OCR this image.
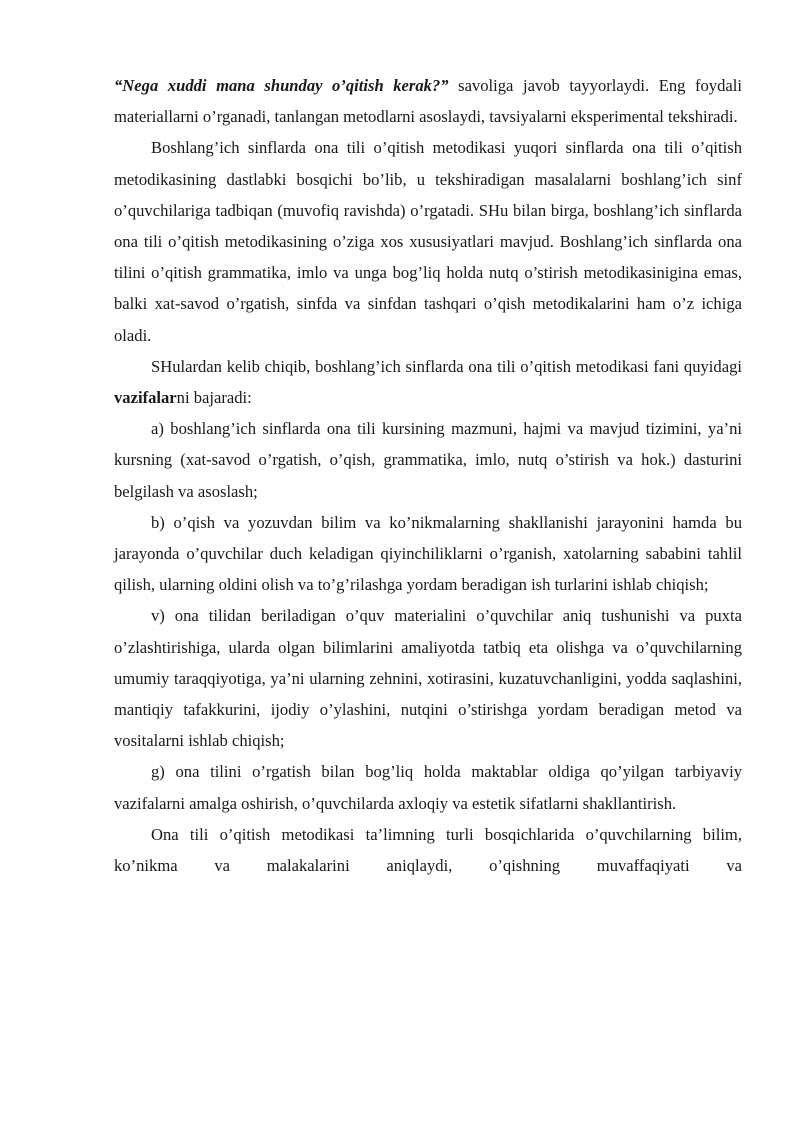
“Nega xuddi mana shunday o’qitish kerak?” savoliga javob tayyorlaydi. Eng foydali materiallarni o’rganadi, tanlangan metodlarni asoslaydi, tavsiyalarni eksperimental tekshiradi.

Boshlang’ich sinflarda ona tili o’qitish metodikasi yuqori sinflarda ona tili o’qitish metodikasining dastlabki bosqichi bo’lib, u tekshiradigan masalalarni boshlang’ich sinf o’quvchilariga tadbiqan (muvofiq ravishda) o’rgatadi. SHu bilan birga, boshlang’ich sinflarda ona tili o’qitish metodikasining o’ziga xos xususiyatlari mavjud. Boshlang’ich sinflarda ona tilini o’qitish grammatika, imlo va unga bog’liq holda nutq o’stirish metodikasinigina emas, balki xat-savod o’rgatish, sinfda va sinfdan tashqari o’qish metodikalarini ham o’z ichiga oladi.

SHulardan kelib chiqib, boshlang’ich sinflarda ona tili o’qitish metodikasi fani quyidagi vazifalarni bajaradi:

a) boshlang’ich sinflarda ona tili kursining mazmuni, hajmi va mavjud tizimini, ya’ni kursning (xat-savod o’rgatish, o’qish, grammatika, imlo, nutq o’stirish va hok.) dasturini belgilash va asoslash;

b) o’qish va yozuvdan bilim va ko’nikmalarning shakllanishi jarayonini hamda bu jarayonda o’quvchilar duch keladigan qiyinchiliklarni o’rganish, xatolarning sababini tahlil qilish, ularning oldini olish va to’g’rilashga yordam beradigan ish turlarini ishlab chiqish;

v) ona tilidan beriladigan o’quv materialini o’quvchilar aniq tushunishi va puxta o’zlashtirishiga, ularda olgan bilimlarini amaliyotda tatbiq eta olishga va o’quvchilarning umumiy taraqqiyotiga, ya’ni ularning zehnini, xotirasini, kuzatuvchanligini, yodda saqlashini, mantiqiy tafakkurini, ijodiy o’ylashini, nutqini o’stirishga yordam beradigan metod va vositalarni ishlab chiqish;

g) ona tilini o’rgatish bilan bog’liq holda maktablar oldiga qo’yilgan tarbiyaviy vazifalarni amalga oshirish, o’quvchilarda axloqiy va estetik sifatlarni shakllantirish.

Ona tili o’qitish metodikasi ta’limning turli bosqichlarida o’quvchilarning bilim, ko’nikma va malakalarini aniqlaydi, o’qishning muvaffaqiyati va
